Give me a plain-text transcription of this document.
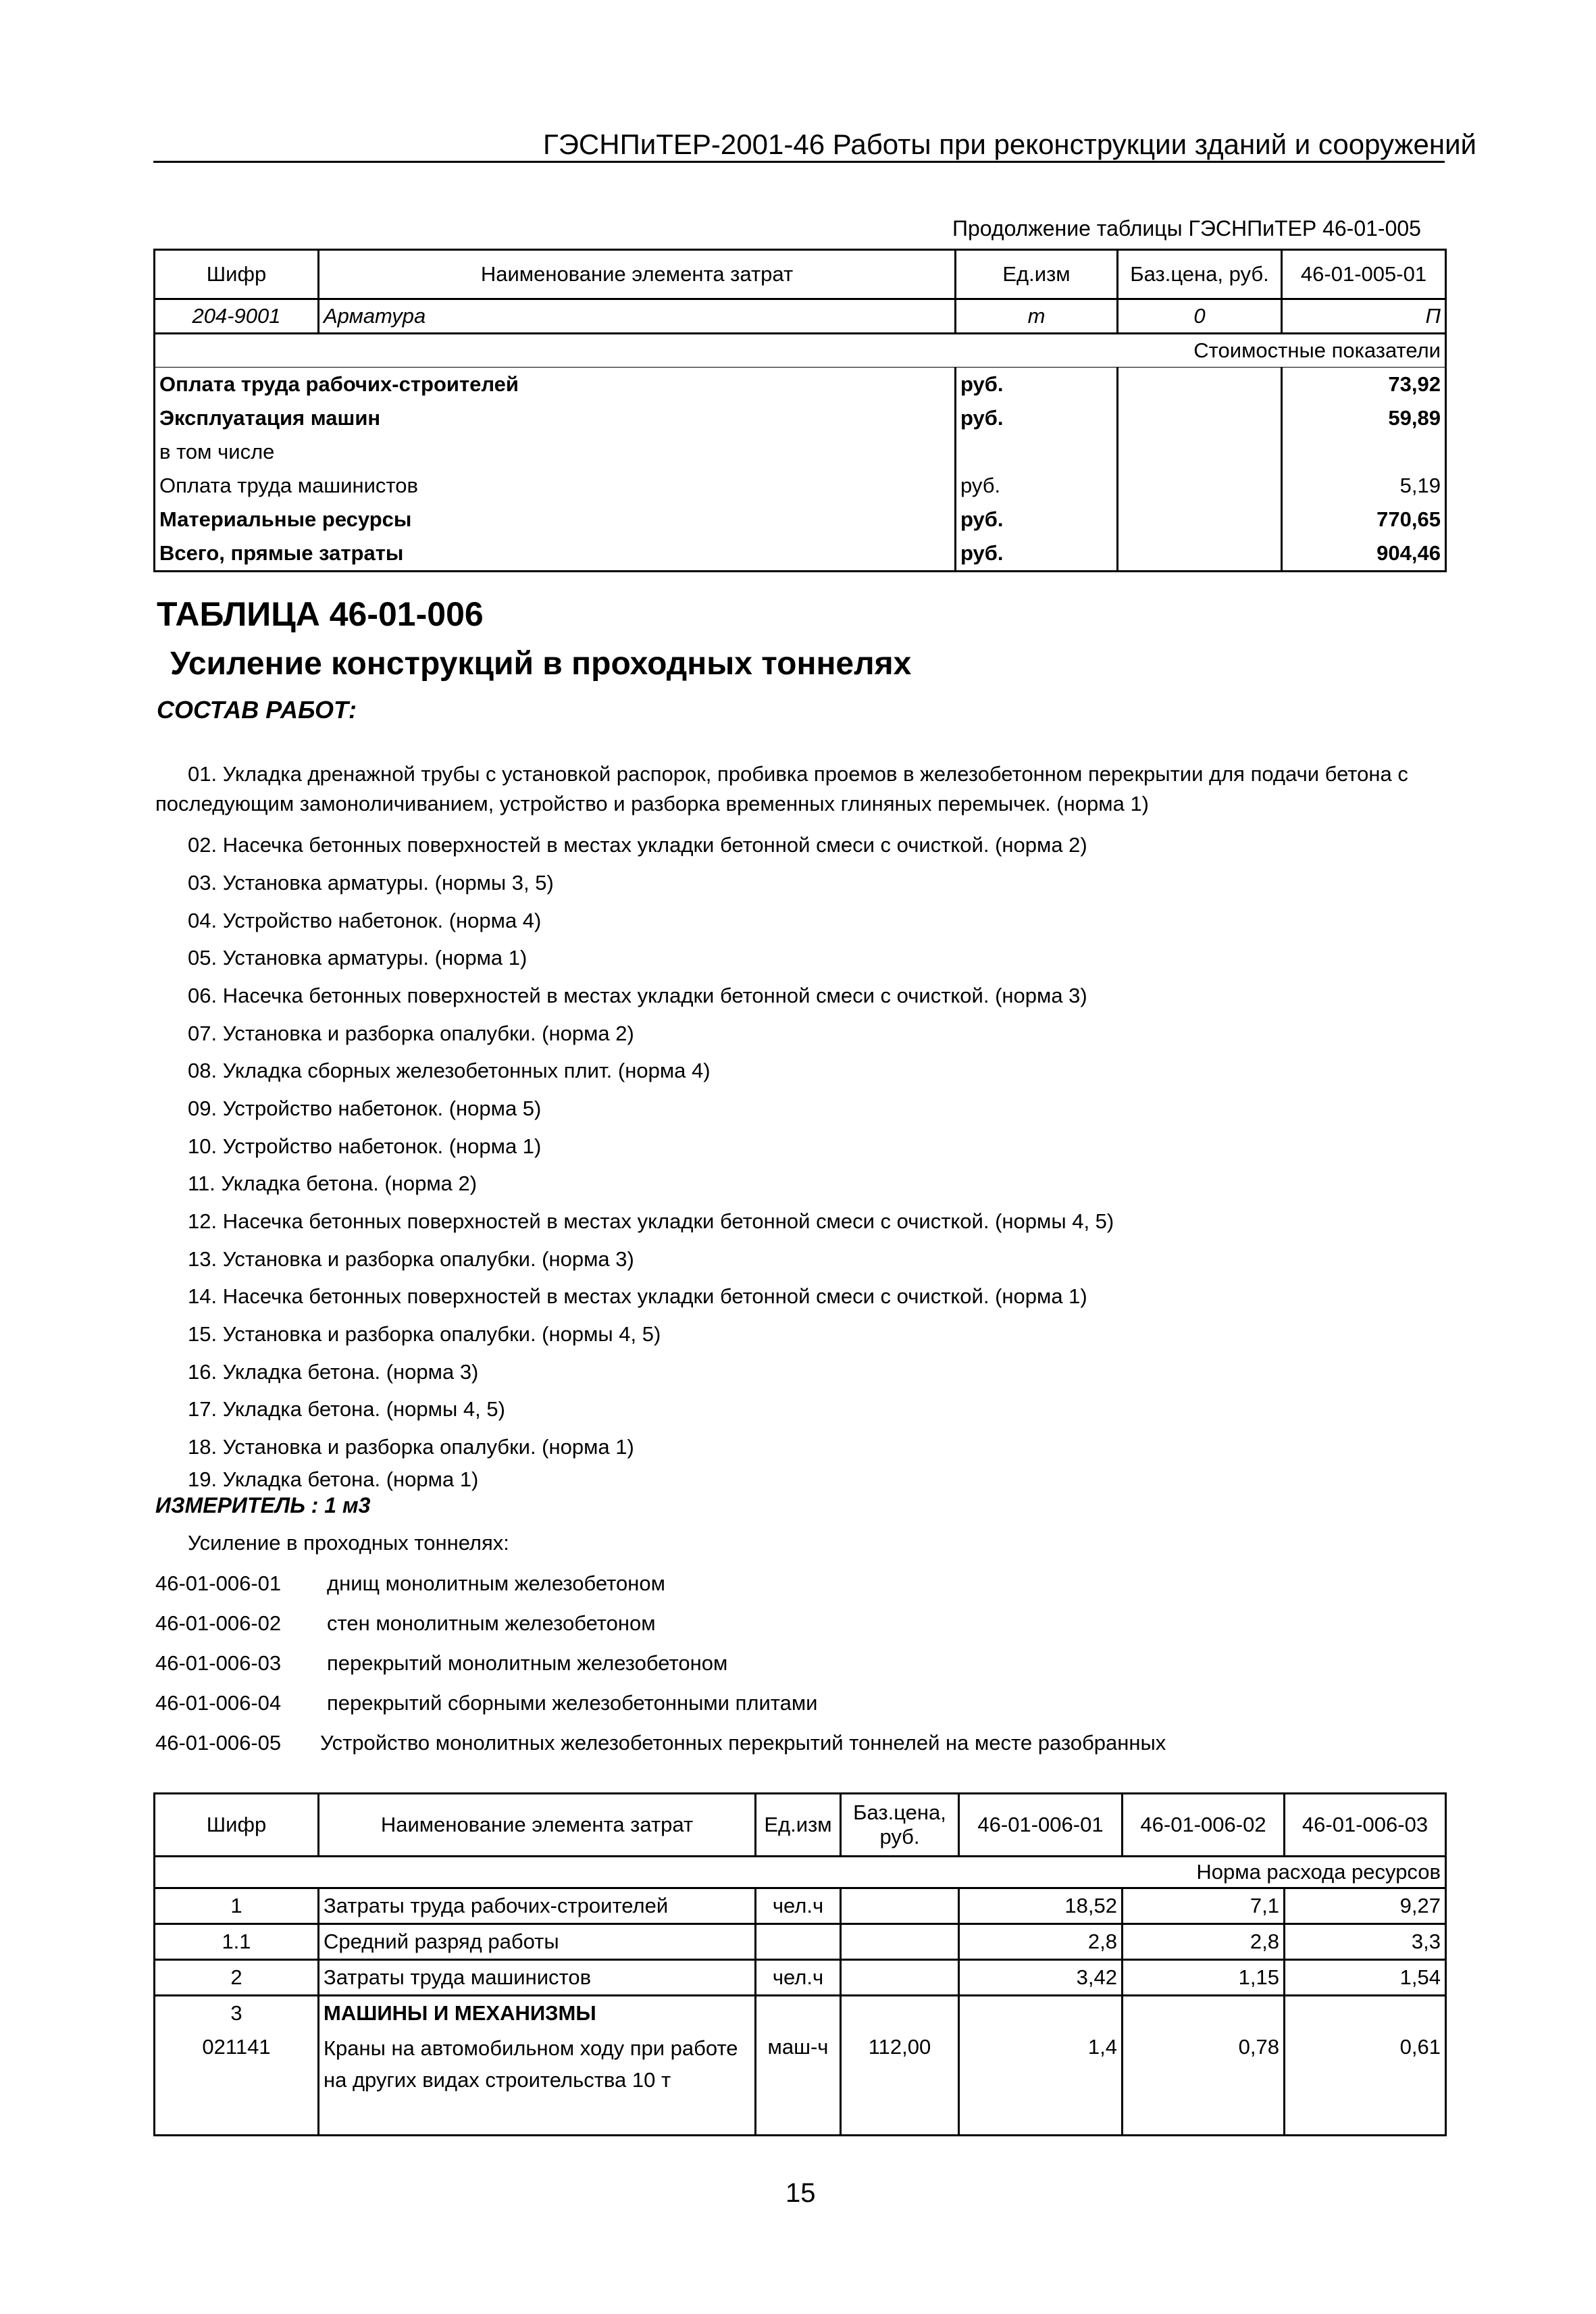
ГЭСНПиТЕР-2001-46 Работы при реконструкции зданий и сооружений
Продолжение таблицы ГЭСНПиТЕР 46-01-005
Шифр	Наименование элемента затрат	Ед.изм	Баз.цена, руб.	46-01-005-01
204-9001	Арматура	т	0	П
Стоимостные показатели				
Оплата труда рабочих-строителей		руб.		73,92
Эксплуатация машин		руб.		59,89
в том числе				
Оплата труда машинистов		руб.		5,19
Материальные ресурсы		руб.		770,65
Всего, прямые затраты		руб.		904,46
ТАБЛИЦА 46-01-006
Усиление конструкций в проходных тоннелях
СОСТАВ РАБОТ:
01. Укладка дренажной трубы с установкой распорок, пробивка проемов в железобетонном перекрытии для подачи бетона с последующим замоноличиванием, устройство и разборка временных глиняных перемычек. (норма 1)
02. Насечка бетонных поверхностей в местах укладки бетонной смеси с очисткой. (норма 2)
03. Установка арматуры. (нормы 3, 5)
04. Устройство набетонок. (норма 4)
05. Установка арматуры. (норма 1)
06. Насечка бетонных поверхностей в местах укладки бетонной смеси с очисткой. (норма 3)
07. Установка и разборка опалубки. (норма 2)
08. Укладка сборных железобетонных плит. (норма 4)
09. Устройство набетонок. (норма 5)
10. Устройство набетонок. (норма 1)
11. Укладка бетона. (норма 2)
12. Насечка бетонных поверхностей в местах укладки бетонной смеси с очисткой. (нормы 4, 5)
13. Установка и разборка опалубки. (норма 3)
14. Насечка бетонных поверхностей в местах укладки бетонной смеси с очисткой. (норма 1)
15. Установка и разборка опалубки. (нормы 4, 5)
16. Укладка бетона. (норма 3)
17. Укладка бетона. (нормы 4, 5)
18. Установка и разборка опалубки. (норма 1)
19. Укладка бетона. (норма 1)
ИЗМЕРИТЕЛЬ : 1 м3
Усиление в проходных тоннелях:
46-01-006-01 днищ монолитным железобетоном
46-01-006-02 стен монолитным железобетоном
46-01-006-03 перекрытий монолитным железобетоном
46-01-006-04 перекрытий сборными железобетонными плитами
46-01-006-05 Устройство монолитных железобетонных перекрытий тоннелей на месте разобранных
Шифр	Наименование элемента затрат	Ед.изм	Баз.цена, руб.	46-01-006-01	46-01-006-02	46-01-006-03
Норма расхода ресурсов						
1	Затраты труда рабочих-строителей	чел.ч		18,52	7,1	9,27
1.1	Средний разряд работы			2,8	2,8	3,3
2	Затраты труда машинистов	чел.ч		3,42	1,15	1,54
3	МАШИНЫ И МЕХАНИЗМЫ					
021141	Краны на автомобильном ходу при работе на других видах строительства 10 т	маш-ч	112,00	1,4	0,78	0,61
15
